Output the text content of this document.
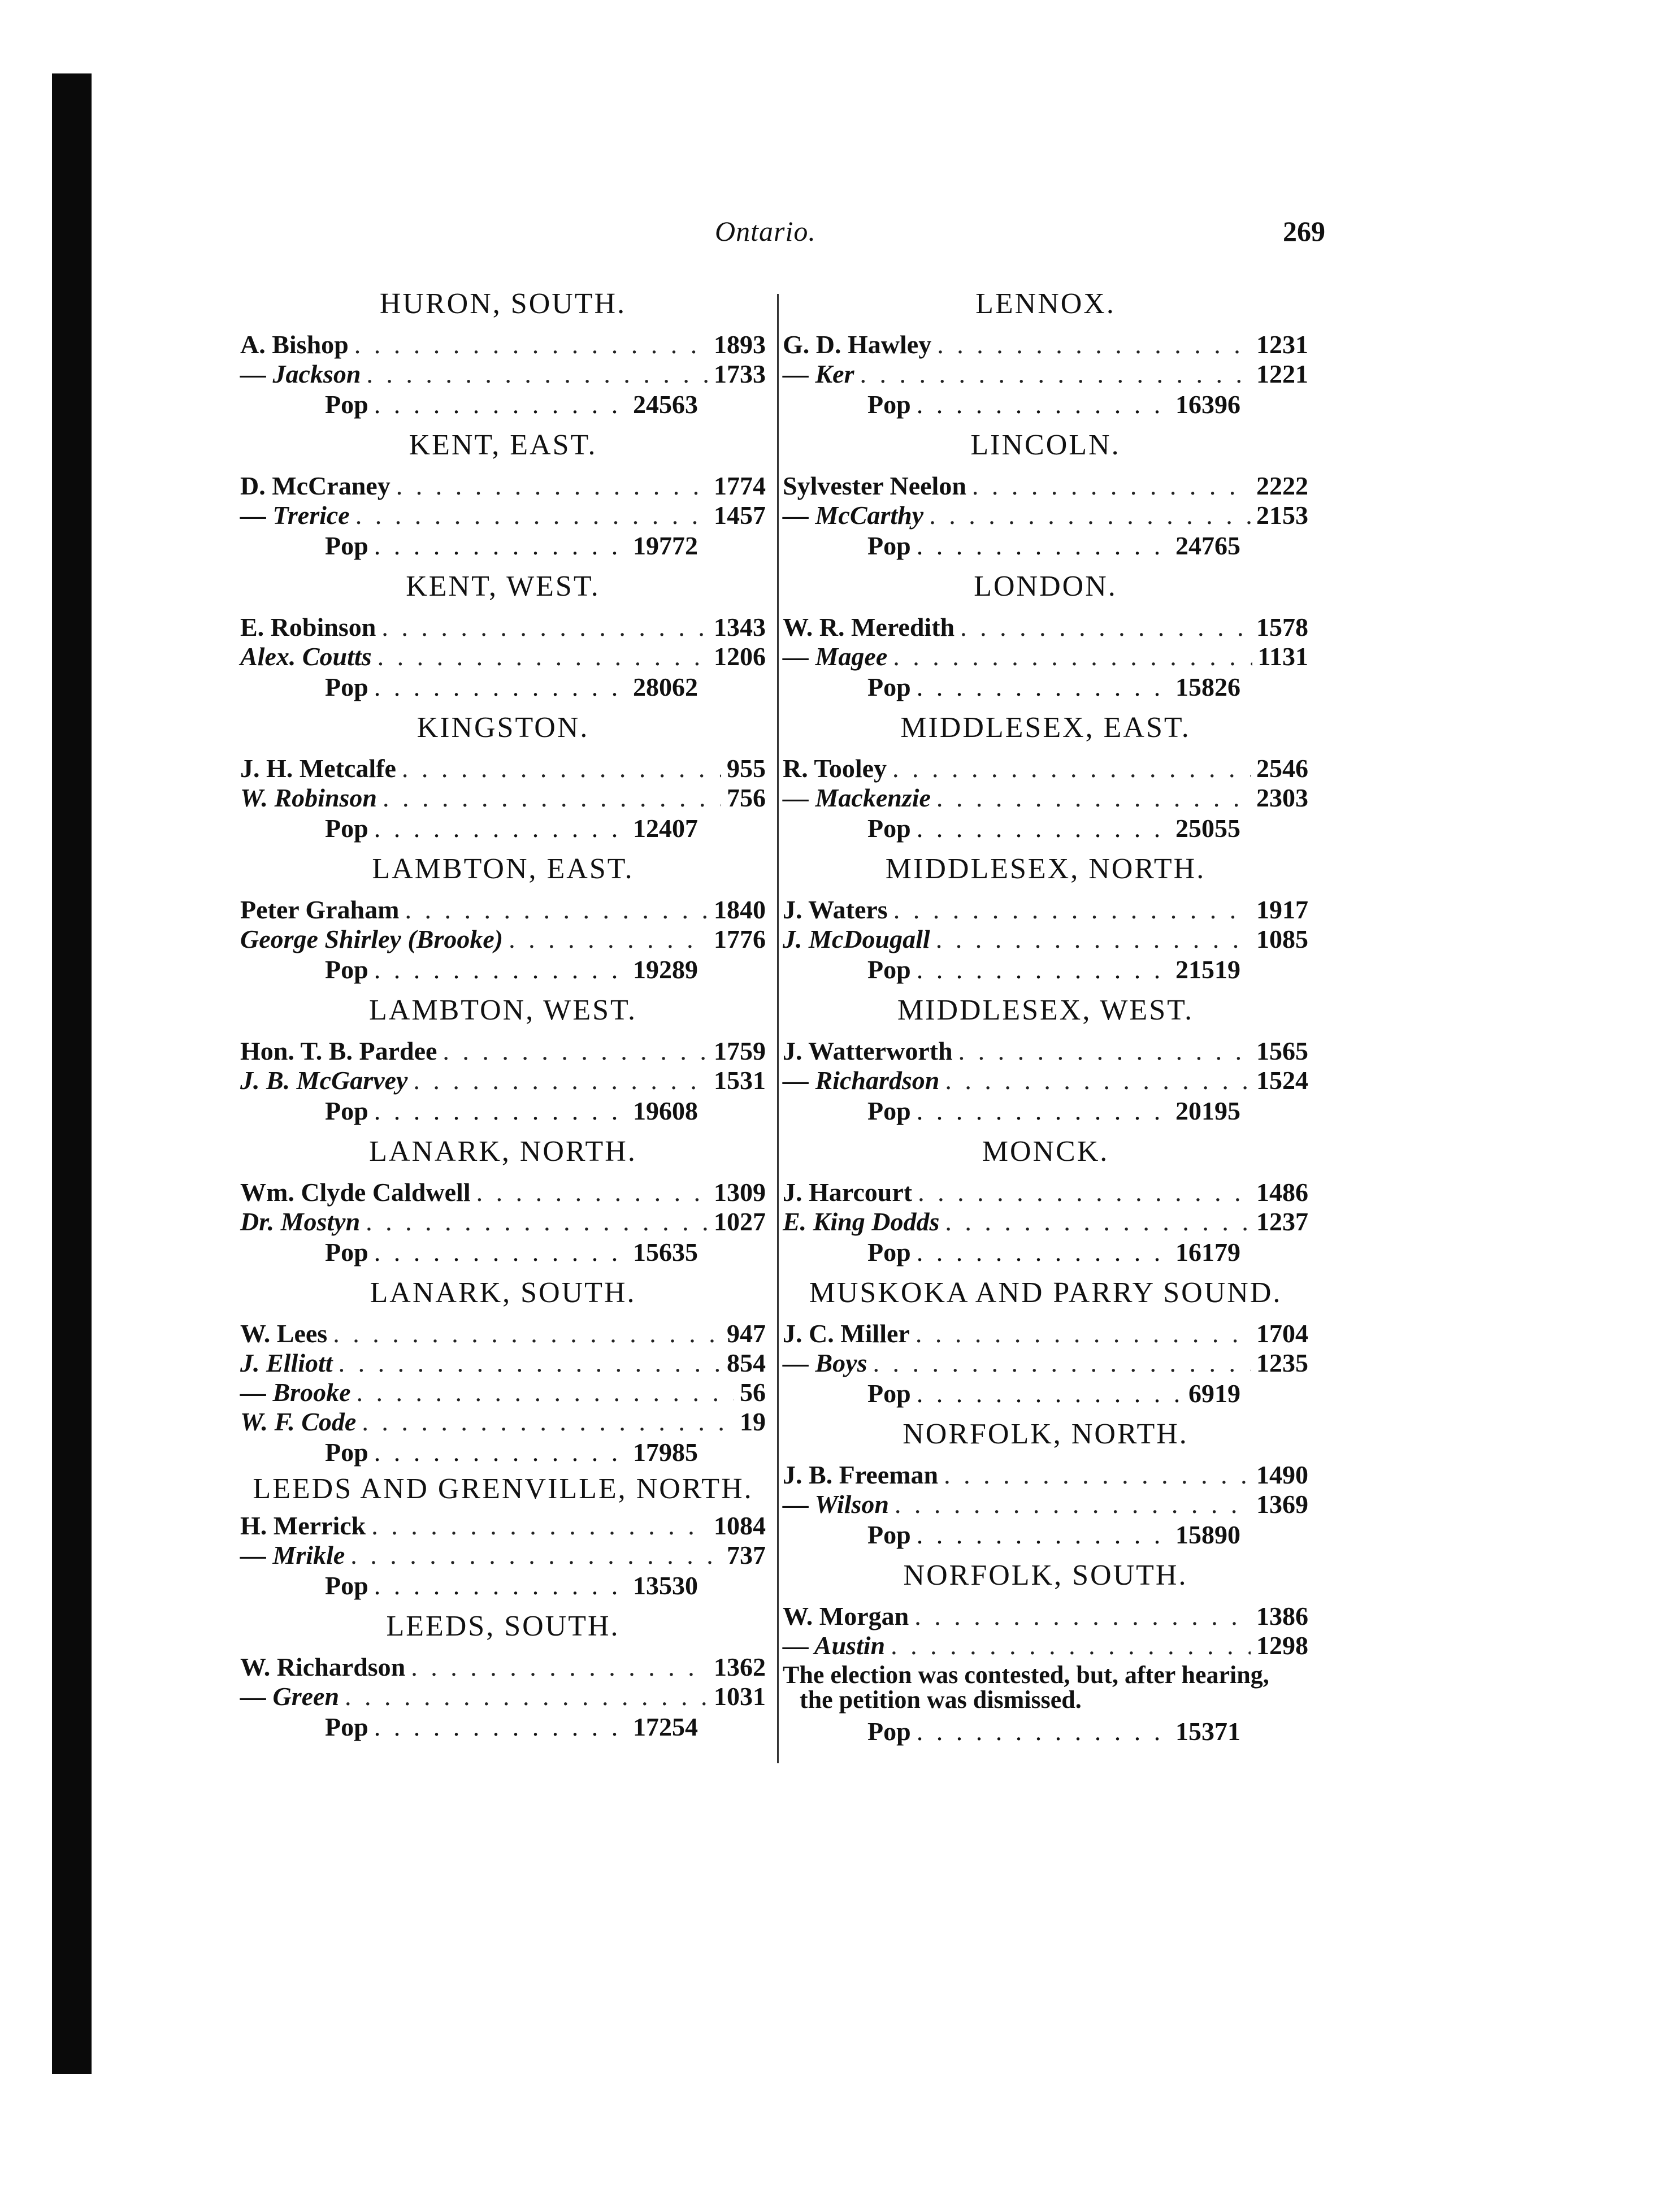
Ontario.	269
HURON, SOUTH.
A. Bishop . . .	1893
— Jackson . . .	1733
Pop . . .	24563
KENT, EAST.
D. McCraney . . .	1774
— Trerice . . .	1457
Pop . . .	19772
KENT, WEST.
E. Robinson . . .	1343
Alex. Coutts . . .	1206
Pop . . .	28062
KINGSTON.
J. H. Metcalfe . . .	955
W. Robinson . . .	756
Pop . . .	12407
LAMBTON, EAST.
Peter Graham . . .	1840
George Shirley (Brooke) . . .	1776
Pop . . .	19289
LAMBTON, WEST.
Hon. T. B. Pardee . . .	1759
J. B. McGarvey . . .	1531
Pop . . .	19608
LANARK, NORTH.
Wm. Clyde Caldwell . . .	1309
Dr. Mostyn . . .	1027
Pop . . .	15635
LANARK, SOUTH.
W. Lees . . .	947
J. Elliott . . .	854
— Brooke . . .	56
W. F. Code . . .	19
Pop . . .	17985
LEEDS AND GRENVILLE, NORTH.
H. Merrick . . .	1084
— Mrikle . . .	737
Pop . . .	13530
LEEDS, SOUTH.
W. Richardson . . .	1362
— Green . . .	1031
Pop . . .	17254
LENNOX.
G. D. Hawley . . .	1231
— Ker . . .	1221
Pop . . .	16396
LINCOLN.
Sylvester Neelon . . .	2222
— McCarthy . . .	2153
Pop . . .	24765
LONDON.
W. R. Meredith . . .	1578
— Magee . . .	1131
Pop . . .	15826
MIDDLESEX, EAST.
R. Tooley . . .	2546
— Mackenzie . . .	2303
Pop . . .	25055
MIDDLESEX, NORTH.
J. Waters . . .	1917
J. McDougall . . .	1085
Pop . . .	21519
MIDDLESEX, WEST.
J. Watterworth . . .	1565
— Richardson . . .	1524
Pop . . .	20195
MONCK.
J. Harcourt . . .	1486
E. King Dodds . . .	1237
Pop . . .	16179
MUSKOKA AND PARRY SOUND.
J. C. Miller . . .	1704
— Boys . . .	1235
Pop . . .	6919
NORFOLK, NORTH.
J. B. Freeman . . .	1490
— Wilson . . .	1369
Pop . . .	15890
NORFOLK, SOUTH.
W. Morgan . . .	1386
— Austin . . .	1298
The election was contested, but, after hearing, the petition was dismissed.
Pop . . .	15371
